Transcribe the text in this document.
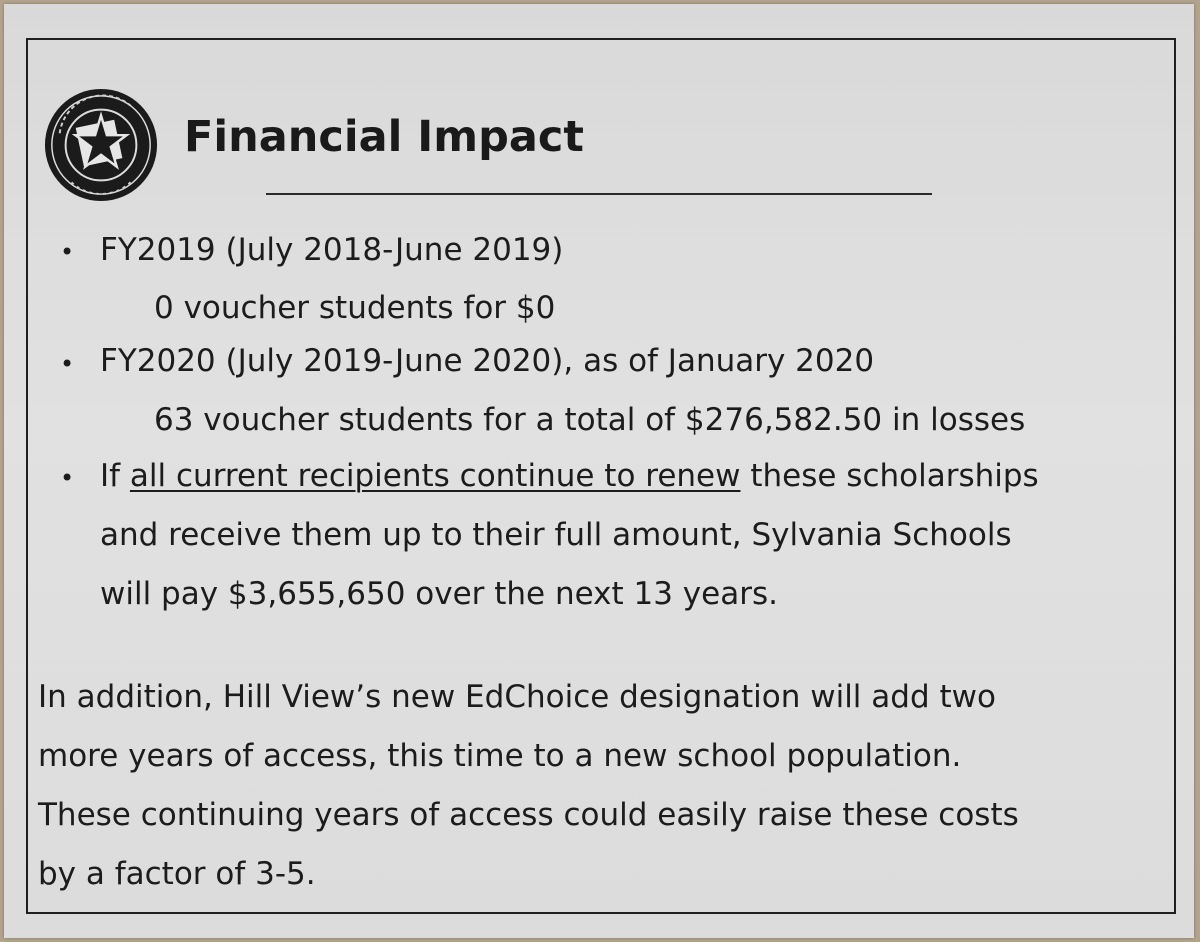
Financial Impact
• FY2019 (July 2018-June 2019)
0 voucher students for $0
• FY2020 (July 2019-June 2020), as of January 2020
63 voucher students for a total of $276,582.50 in losses
• If all current recipients continue to renew these scholarships
and receive them up to their full amount, Sylvania Schools
will pay $3,655,650 over the next 13 years.
In addition, Hill View’s new EdChoice designation will add two
more years of access, this time to a new school population.
These continuing years of access could easily raise these costs
by a factor of 3-5.
